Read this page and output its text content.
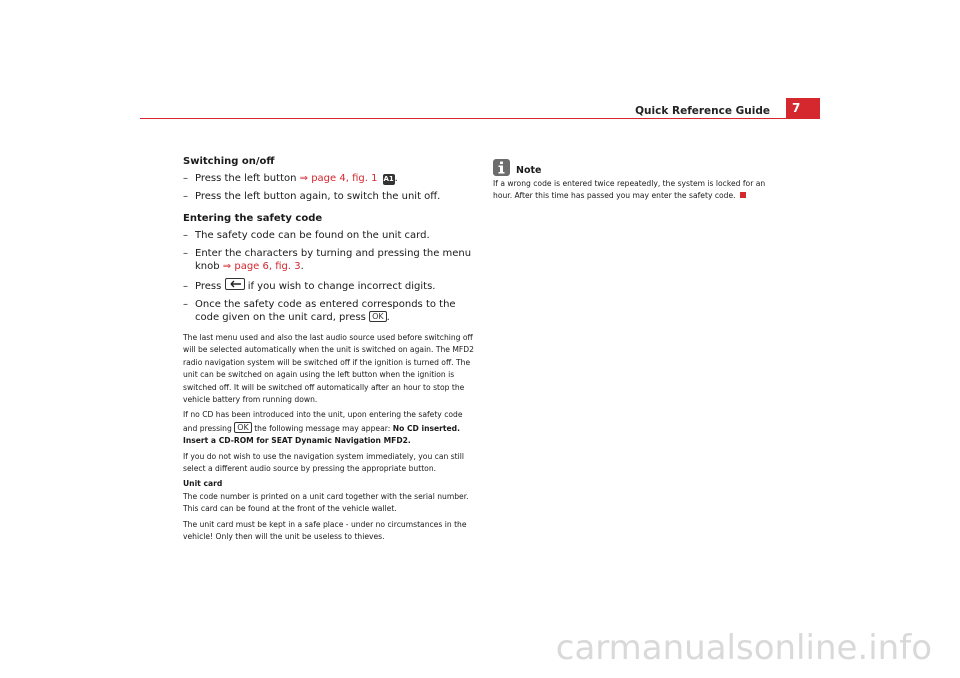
Quick Reference Guide	7

Switching on/off

– Press the left button ⇒ page 4, fig. 1 A1.

– Press the left button again, to switch the unit off.

Entering the safety code

– The safety code can be found on the unit card.

– Enter the characters by turning and pressing the menu knob ⇒ page 6, fig. 3.

– Press	if you wish to change incorrect digits.

– Once the safety code as entered corresponds to the code given on the unit card, press OK .

The last menu used and also the last audio source used before switching off will be selected automatically when the unit is switched on again. The MFD2 radio navigation system will be switched off if the ignition is turned off. The unit can be switched on again using the left button when the ignition is switched off. It will be switched off automatically after an hour to stop the vehicle battery from running down.

If no CD has been introduced into the unit, upon entering the safety code and pressing OK the following message may appear: No CD inserted. Insert a CD-ROM for SEAT Dynamic Navigation MFD2.

If you do not wish to use the navigation system immediately, you can still select a different audio source by pressing the appropriate button.

Unit card

The code number is printed on a unit card together with the serial number. This card can be found at the front of the vehicle wallet.

The unit card must be kept in a safe place - under no circumstances in the vehicle! Only then will the unit be useless to thieves.

Note

If a wrong code is entered twice repeatedly, the system is locked for an hour. After this time has passed you may enter the safety code.

carmanualsonline.info
